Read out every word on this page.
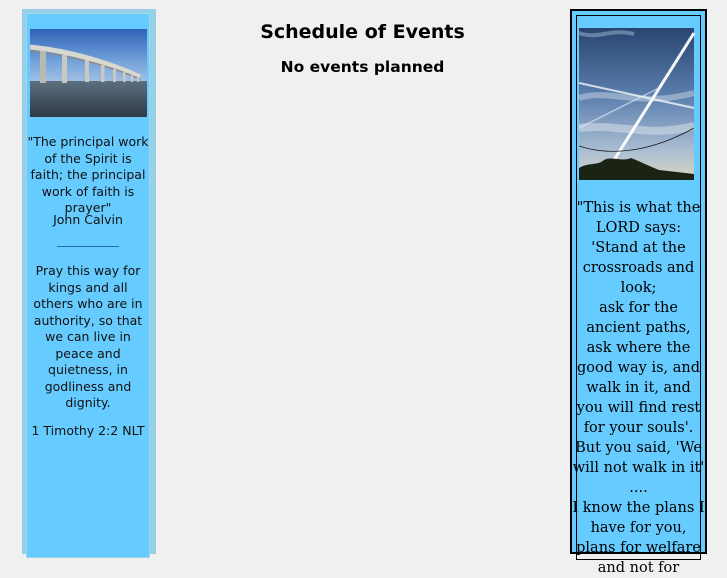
"The principal work of the Spirit is faith; the principal work of faith is prayer"
John Calvin
Pray this way for kings and all others who are in authority, so that we can live in peace and quietness, in godliness and dignity.
1 Timothy 2:2 NLT
Schedule of Events
No events planned
"This is what the LORD says:
'Stand at the crossroads and look;
ask for the ancient paths, ask where the good way is, and walk in it, and you will find rest for your souls'.
But you said, 'We will not walk in it'
....
I know the plans I have for you, plans for welfare and not for
